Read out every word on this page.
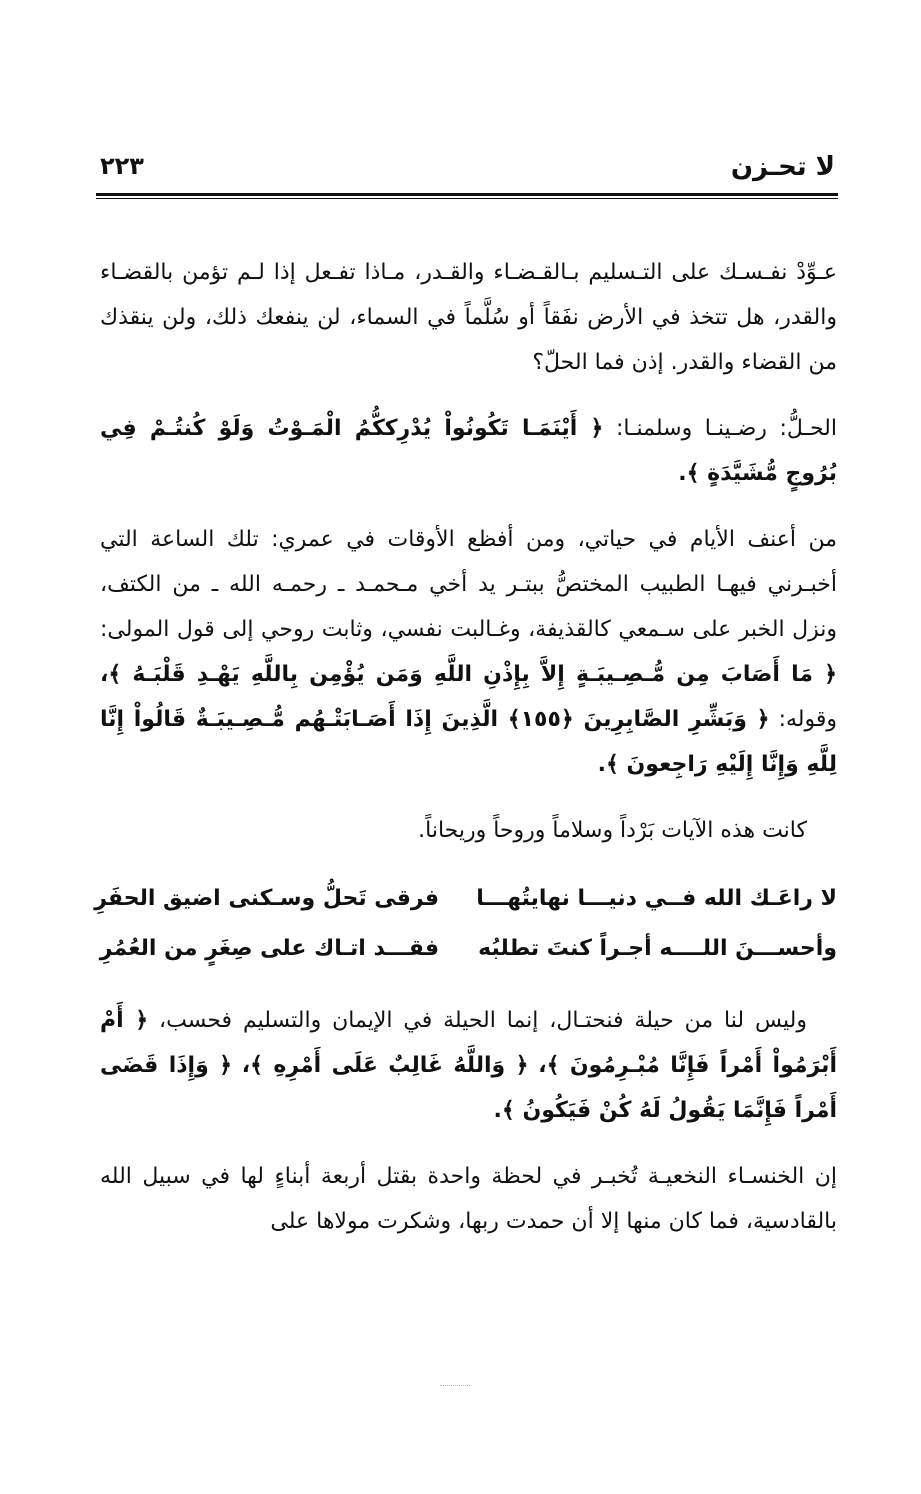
لا تحـزن
٢٢٣

عـوِّدْ نفـسـك على التـسليم بـالقـضـاء والقـدر، مـاذا تفـعل إذا لـم تؤمن بالقضـاء والقدر، هل تتخذ في الأرض نفَقاً أو سُلَّماً في السماء، لن ينفعك ذلك، ولن ينقذك من القضاء والقدر. إذن فما الحلّ؟

الحـلُّ: رضـينـا وسلمنـا: ﴿ أَيْنَمَـا تَكُونُواْ يُدْرِككُّمُ الْمَـوْتُ وَلَوْ كُنتُـمْ فِي بُرُوجٍ مُّشَيَّدَةٍ ﴾.

من أعنف الأيام في حياتي، ومن أفظع الأوقات في عمري: تلك الساعة التي أخبـرني فيهـا الطبيب المختصُّ ببتـر يد أخي مـحمـد ـ رحمـه الله ـ من الكتف، ونزل الخبر على سـمعي كالقذيفة، وغـالبت نفسي، وثابت روحي إلى قول المولى: ﴿ مَا أَصَابَ مِن مُّـصِـيبَـةٍ إِلاَّ بِإِذْنِ اللَّهِ وَمَن يُؤْمِن بِاللَّهِ يَهْـدِ قَلْبَـهُ ﴾، وقوله: ﴿ وَبَشِّرِ الصَّابِرِينَ ﴿١٥٥﴾ الَّذِينَ إِذَا أَصَـابَتْـهُم مُّـصِـيبَـةٌ قَالُواْ إِنَّا لِلَّهِ وَإِنَّا إِلَيْهِ رَاجِعونَ ﴾.

كانت هذه الآيات بَرْداً وسلاماً وروحاً وريحاناً.

لا راعَـك الله فــي دنيـــا نهايتُهـــا
فرقى تَحلُّ وسـكنى اضيق الحفَرِ
وأحســـنَ اللــــه أجـراً كنتَ تطلبُه
فقـــد اتـاك على صِغَرٍ من العُمُرِ

وليس لنا من حيلة فنحتـال، إنما الحيلة في الإيمان والتسليم فحسب، ﴿ أَمْ أَبْرَمُواْ أَمْراً فَإِنَّا مُبْـرِمُونَ ﴾، ﴿ وَاللَّهُ غَالِبٌ عَلَى أَمْرِهِ ﴾، ﴿ وَإِذَا قَضَى أَمْراً فَإِنَّمَا يَقُولُ لَهُ كُنْ فَيَكُونُ ﴾.

إن الخنسـاء النخعيـة تُخبـر في لحظة واحدة بقتل أربعة أبناءٍ لها في سبيل الله بالقادسية، فما كان منها إلا أن حمدت ربها، وشكرت مولاها على
